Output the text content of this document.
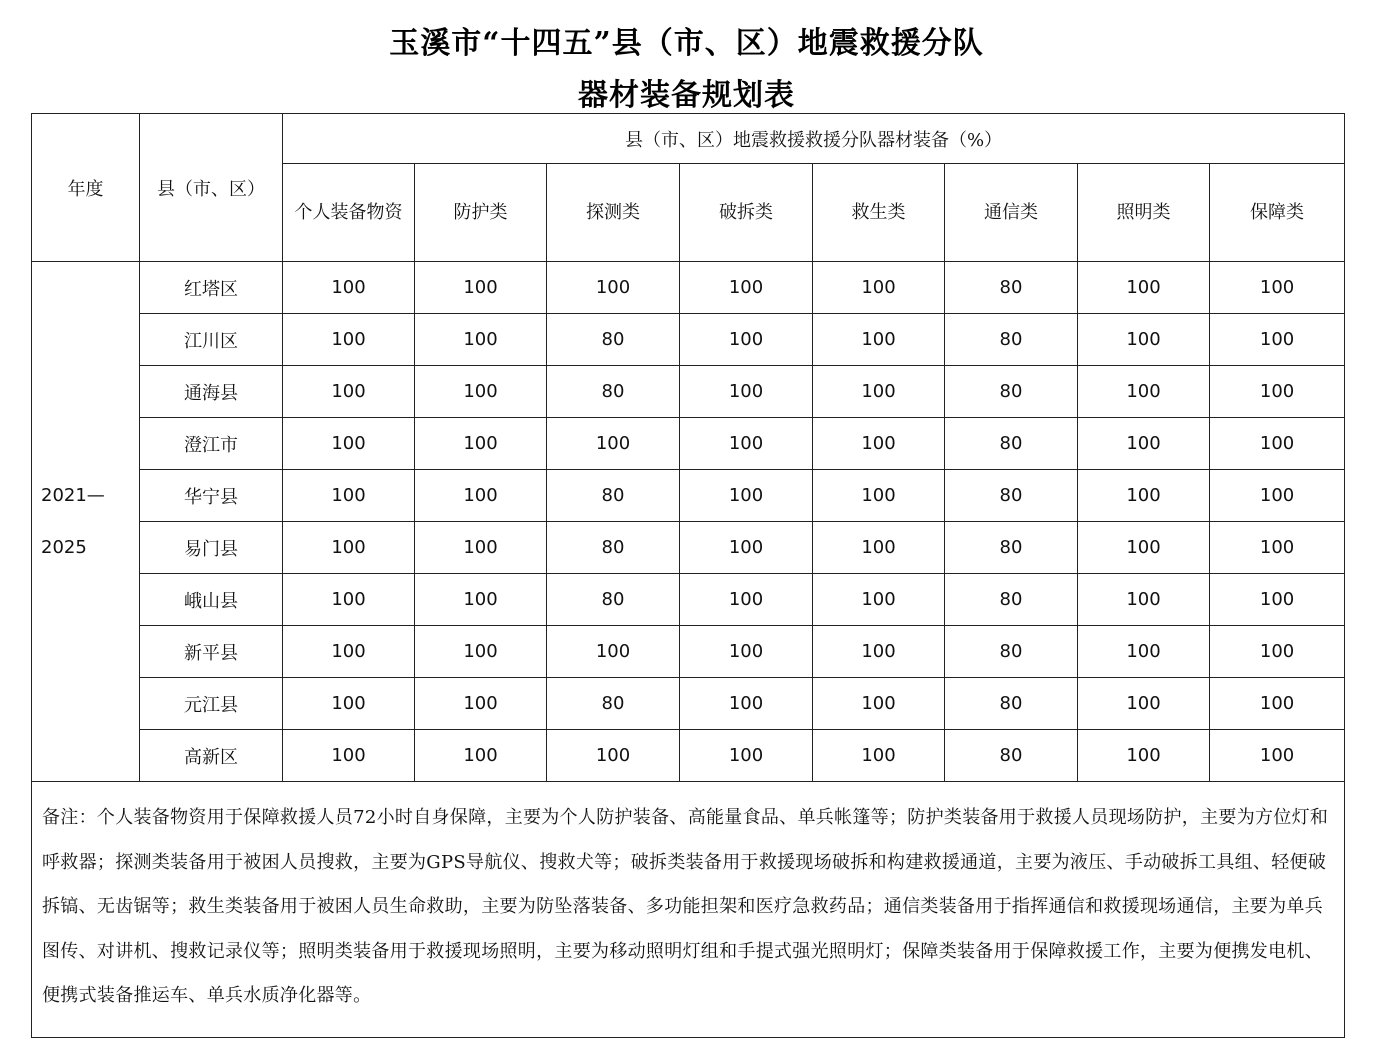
玉溪市“十四五”县（市、区）地震救援分队
器材装备规划表
年度	县（市、区）	县（市、区）地震救援救援分队器材装备（%）							
		个人装备物资	防护类	探测类	破拆类	救生类	通信类	照明类	保障类
2021—2025	红塔区	100	100	100	100	100	80	100	100
	江川区	100	100	80	100	100	80	100	100
	通海县	100	100	80	100	100	80	100	100
	澄江市	100	100	100	100	100	80	100	100
	华宁县	100	100	80	100	100	80	100	100
	易门县	100	100	80	100	100	80	100	100
	峨山县	100	100	80	100	100	80	100	100
	新平县	100	100	100	100	100	80	100	100
	元江县	100	100	80	100	100	80	100	100
	高新区	100	100	100	100	100	80	100	100
备注：个人装备物资用于保障救援人员72小时自身保障，主要为个人防护装备、高能量食品、单兵帐篷等；防护类装备用于救援人员现场防护，主要为方位灯和呼救器；探测类装备用于被困人员搜救，主要为GPS导航仪、搜救犬等；破拆类装备用于救援现场破拆和构建救援通道，主要为液压、手动破拆工具组、轻便破拆镐、无齿锯等；救生类装备用于被困人员生命救助，主要为防坠落装备、多功能担架和医疗急救药品；通信类装备用于指挥通信和救援现场通信，主要为单兵图传、对讲机、搜救记录仪等；照明类装备用于救援现场照明，主要为移动照明灯组和手提式强光照明灯；保障类装备用于保障救援工作，主要为便携发电机、便携式装备推运车、单兵水质净化器等。									
